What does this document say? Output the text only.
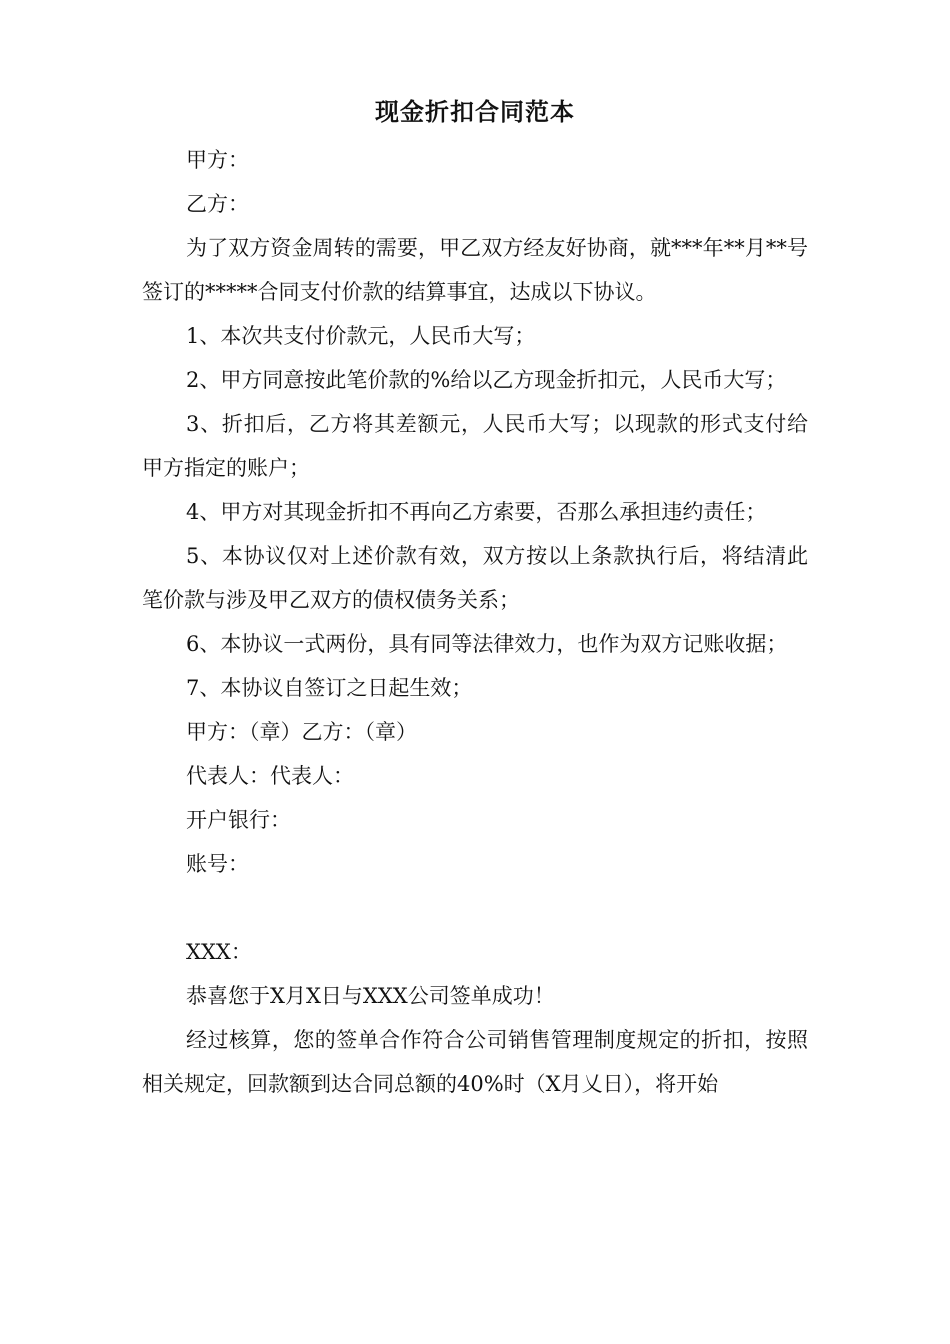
现金折扣合同范本

甲方：

乙方：

为了双方资金周转的需要，甲乙双方经友好协商，就***年**月**号签订的*****合同支付价款的结算事宜，达成以下协议。

1、本次共支付价款元，人民币大写；

2、甲方同意按此笔价款的%给以乙方现金折扣元，人民币大写；

3、折扣后，乙方将其差额元，人民币大写；以现款的形式支付给甲方指定的账户；

4、甲方对其现金折扣不再向乙方索要，否那么承担违约责任；

5、本协议仅对上述价款有效，双方按以上条款执行后，将结清此笔价款与涉及甲乙双方的债权债务关系；

6、本协议一式两份，具有同等法律效力，也作为双方记账收据；

7、本协议自签订之日起生效；

甲方：（章）乙方：（章）

代表人：代表人：

开户银行：

账号：

XXX：

恭喜您于X月X日与XXX公司签单成功！

经过核算，您的签单合作符合公司销售管理制度规定的折扣，按照相关规定，回款额到达合同总额的40%时（X月乂日），将开始
